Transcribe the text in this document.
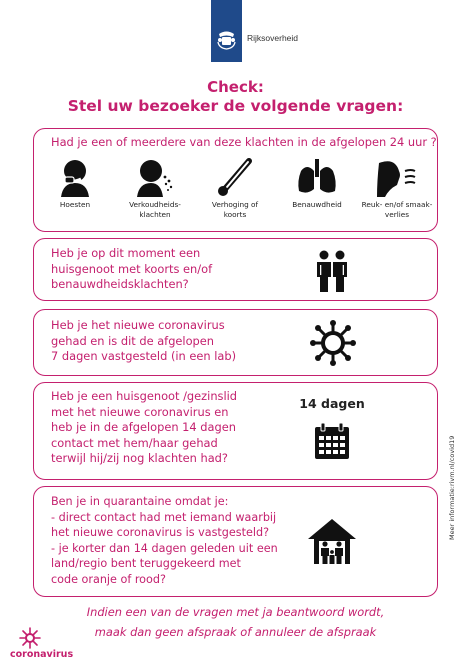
Rijksoverheid
Check:
Stel uw bezoeker de volgende vragen:
Had je een of meerdere van deze klachten in de afgelopen 24 uur ?
Hoesten	Verkoudheids-
klachten
Verhoging of
koorts
Benauwdheid	Reuk- en/of smaak-
verlies
Heb je op dit moment een
huisgenoot met koorts en/of
benauwdheidsklachten?
Heb je het nieuwe coronavirus
gehad en is dit de afgelopen
7 dagen vastgesteld (in een lab)
Heb je een huisgenoot /gezinslid
met het nieuwe coronavirus en
heb je in de afgelopen 14 dagen
contact met hem/haar gehad
terwijl hij/zij nog klachten had?
14 dagen
Ben je in quarantaine omdat je:
- direct contact had met iemand waarbij
het nieuwe coronavirus is vastgesteld?
- je korter dan 14 dagen geleden uit een
land/regio bent teruggekeerd met
code oranje of rood?
Indien een van de vragen met ja beantwoord wordt,
maak dan geen afspraak of annuleer de afspraak
coronavirus
Meer informatie:rivm.nl/covid19
